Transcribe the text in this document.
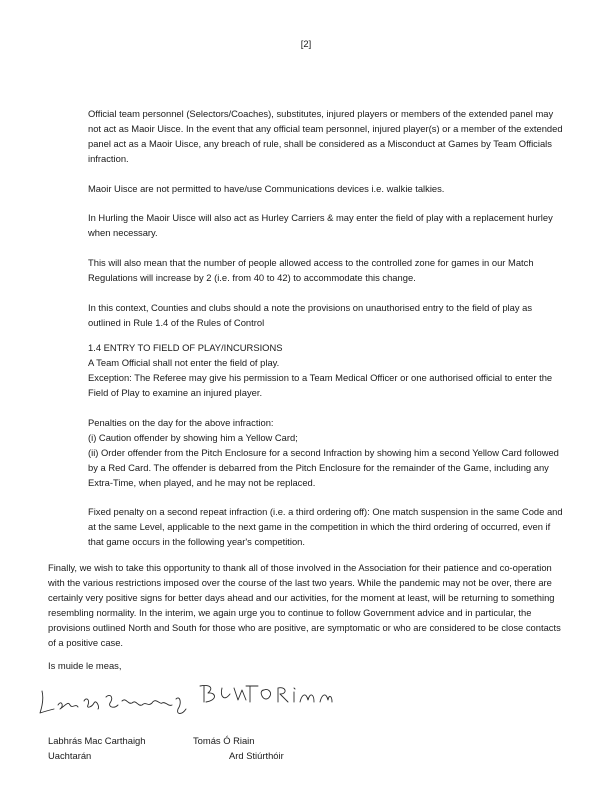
[2]

Official team personnel (Selectors/Coaches), substitutes, injured players or members of the extended panel may not act as Maoir Uisce. In the event that any official team personnel, injured player(s) or a member of the extended panel act as a Maoir Uisce, any breach of rule, shall be considered as a Misconduct at Games by Team Officials infraction.

Maoir Uisce are not permitted to have/use Communications devices i.e. walkie talkies.

In Hurling the Maoir Uisce will also act as Hurley Carriers & may enter the field of play with a replacement hurley when necessary.

This will also mean that the number of people allowed access to the controlled zone for games in our Match Regulations will increase by 2 (i.e. from 40 to 42) to accommodate this change.

In this context, Counties and clubs should a note the provisions on unauthorised entry to the field of play as outlined in Rule 1.4 of the Rules of Control

1.4 ENTRY TO FIELD OF PLAY/INCURSIONS
A Team Official shall not enter the field of play.
Exception: The Referee may give his permission to a Team Medical Officer or one authorised official to enter the Field of Play to examine an injured player.
Penalties on the day for the above infraction:
(i) Caution offender by showing him a Yellow Card;
(ii) Order offender from the Pitch Enclosure for a second Infraction by showing him a second Yellow Card followed by a Red Card. The offender is debarred from the Pitch Enclosure for the remainder of the Game, including any Extra-Time, when played, and he may not be replaced.

Fixed penalty on a second repeat infraction (i.e. a third ordering off): One match suspension in the same Code and at the same Level, applicable to the next game in the competition in which the third ordering of occurred, even if that game occurs in the following year's competition.

Finally, we wish to take this opportunity to thank all of those involved in the Association for their patience and co-operation with the various restrictions imposed over the course of the last two years. While the pandemic may not be over, there are certainly very positive signs for better days ahead and our activities, for the moment at least, will be returning to something resembling normality. In the interim, we again urge you to continue to follow Government advice and in particular, the provisions outlined North and South for those who are positive, are symptomatic or who are considered to be close contacts of a positive case.

Is muide le meas,
Labhrás Mac Carthaigh
Uachtarán
Tomás Ó Riain
Ard Stiúrthóir
